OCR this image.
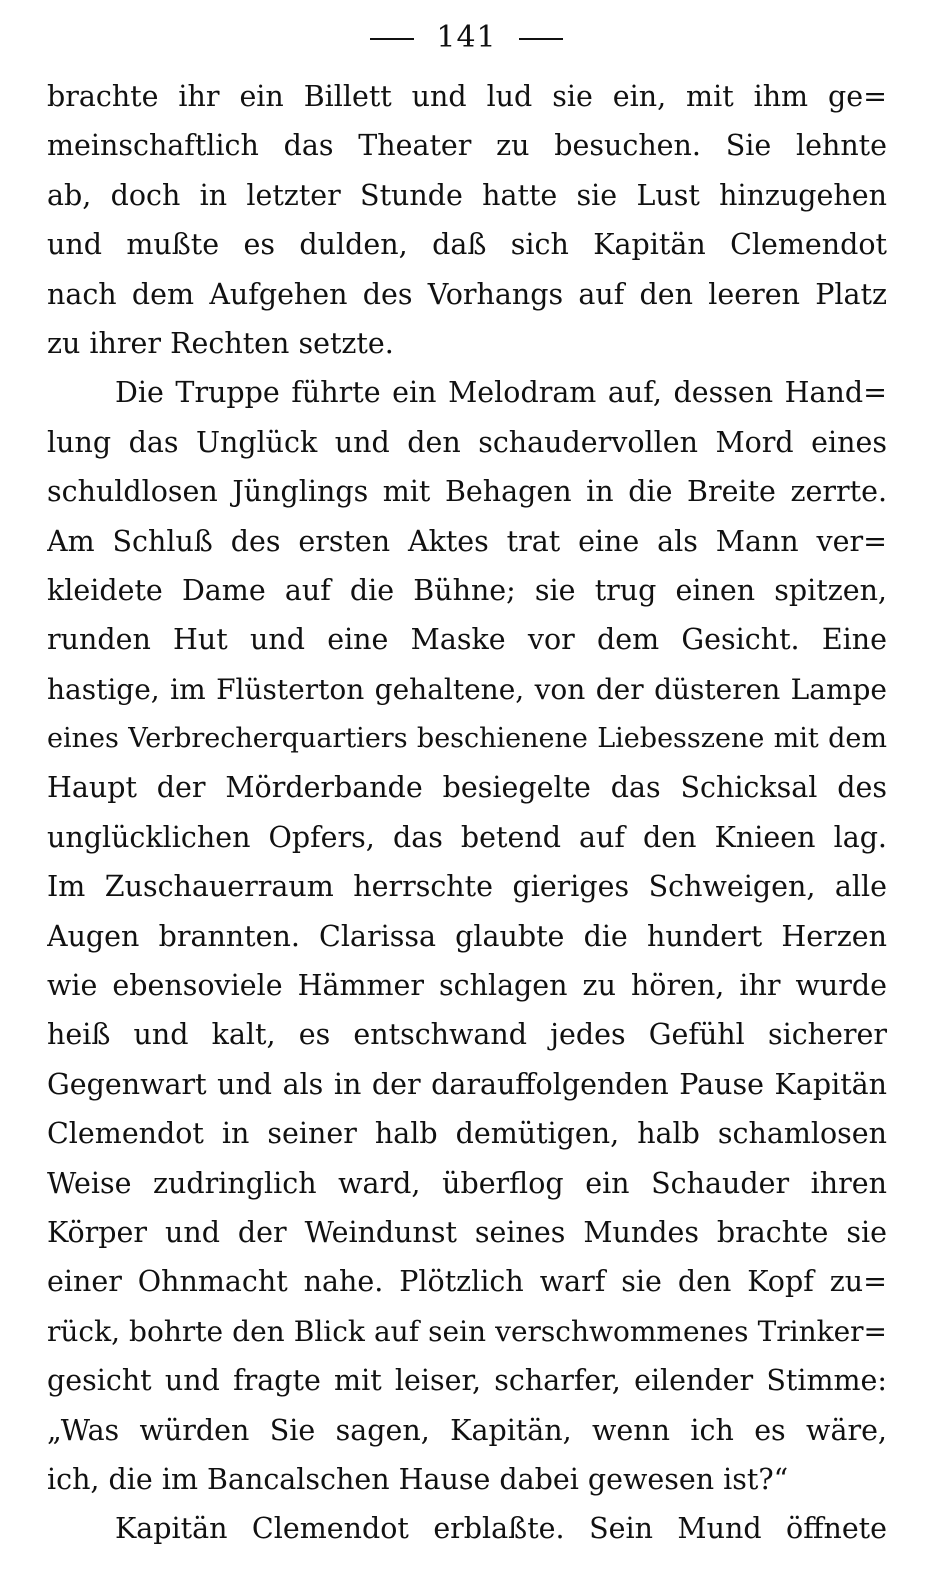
141
brachte ihr ein Billett und lud sie ein, mit ihm ge=
meinschaftlich das Theater zu besuchen. Sie lehnte
ab, doch in letzter Stunde hatte sie Lust hinzugehen
und mußte es dulden, daß sich Kapitän Clemendot
nach dem Aufgehen des Vorhangs auf den leeren Platz
zu ihrer Rechten setzte.
Die Truppe führte ein Melodram auf, dessen Hand=
lung das Unglück und den schaudervollen Mord eines
schuldlosen Jünglings mit Behagen in die Breite zerrte.
Am Schluß des ersten Aktes trat eine als Mann ver=
kleidete Dame auf die Bühne; sie trug einen spitzen,
runden Hut und eine Maske vor dem Gesicht. Eine
hastige, im Flüsterton gehaltene, von der düsteren Lampe
eines Verbrecherquartiers beschienene Liebesszene mit dem
Haupt der Mörderbande besiegelte das Schicksal des
unglücklichen Opfers, das betend auf den Knieen lag.
Im Zuschauerraum herrschte gieriges Schweigen, alle
Augen brannten. Clarissa glaubte die hundert Herzen
wie ebensoviele Hämmer schlagen zu hören, ihr wurde
heiß und kalt, es entschwand jedes Gefühl sicherer
Gegenwart und als in der darauffolgenden Pause Kapitän
Clemendot in seiner halb demütigen, halb schamlosen
Weise zudringlich ward, überflog ein Schauder ihren
Körper und der Weindunst seines Mundes brachte sie
einer Ohnmacht nahe. Plötzlich warf sie den Kopf zu=
rück, bohrte den Blick auf sein verschwommenes Trinker=
gesicht und fragte mit leiser, scharfer, eilender Stimme:
„Was würden Sie sagen, Kapitän, wenn ich es wäre,
ich, die im Bancalschen Hause dabei gewesen ist?“
Kapitän Clemendot erblaßte. Sein Mund öffnete
